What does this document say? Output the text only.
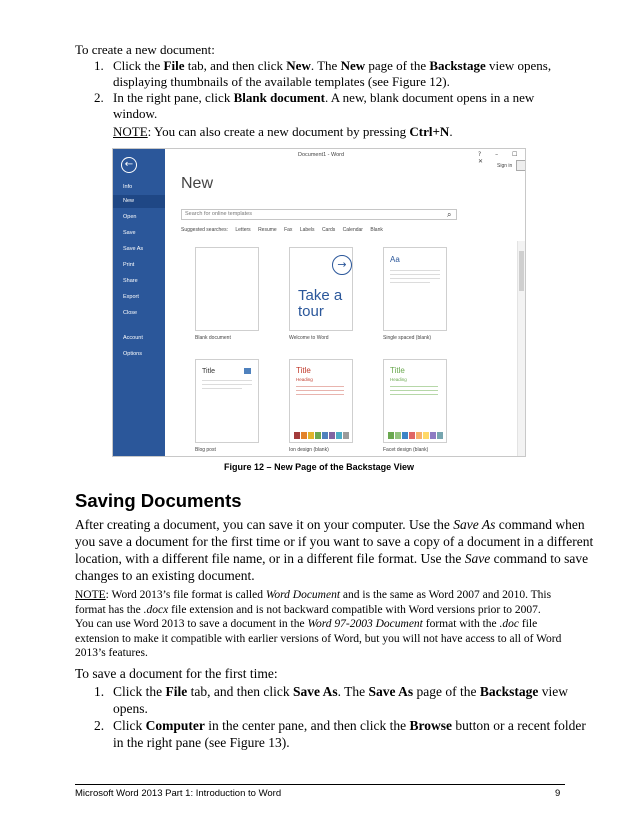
To create a new document:
1. Click the File tab, and then click New. The New page of the Backstage view opens,
displaying thumbnails of the available templates (see Figure 12).
2. In the right pane, click Blank document. A new, blank document opens in a new
window.
NOTE: You can also create a new document by pressing Ctrl+N.
←
Info
New
Open
Save
Save As
Print
Share
Export
Close
Account
Options
Document1 - Word	? – ☐ ✕
Sign in
New
Search for online templates	⌕
Suggested searches: Letters Resume Fax Labels Cards Calendar Blank
Blank document
→
Take a
tour
Welcome to Word
Aa
Single spaced (blank)
Title
Blog post
Title
Heading
Ion design (blank)
Title
Heading
Facet design (blank)
Figure 12 – New Page of the Backstage View
Saving Documents
After creating a document, you can save it on your computer. Use the Save As command when
you save a document for the first time or if you want to save a copy of a document in a different
location, with a different file name, or in a different file format. Use the Save command to save
changes to an existing document.
NOTE: Word 2013’s file format is called Word Document and is the same as Word 2007 and 2010. This
format has the .docx file extension and is not backward compatible with Word versions prior to 2007.
You can use Word 2013 to save a document in the Word 97-2003 Document format with the .doc file
extension to make it compatible with earlier versions of Word, but you will not have access to all of Word
2013’s features.
To save a document for the first time:
1. Click the File tab, and then click Save As. The Save As page of the Backstage view
opens.
2. Click Computer in the center pane, and then click the Browse button or a recent folder
in the right pane (see Figure 13).
Microsoft Word 2013 Part 1: Introduction to Word	9
